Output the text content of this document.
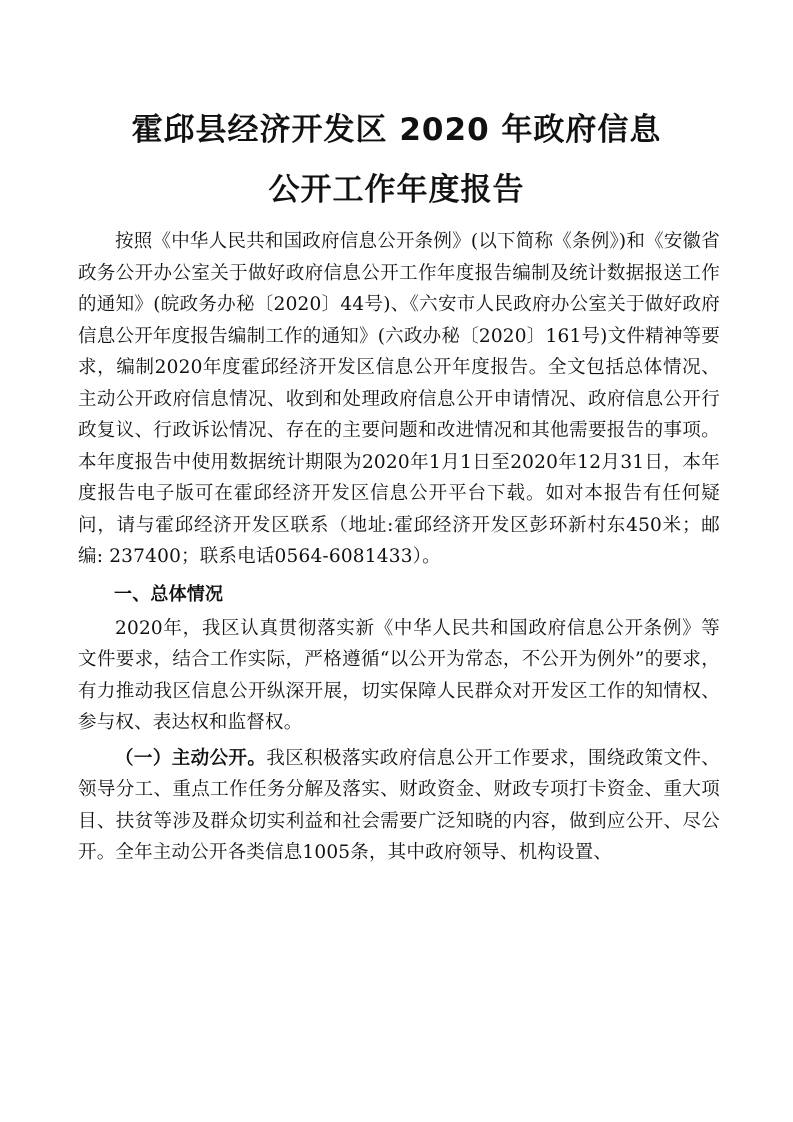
霍邱县经济开发区 2020 年政府信息
公开工作年度报告

按照《中华人民共和国政府信息公开条例》(以下简称《条例》)和《安徽省政务公开办公室关于做好政府信息公开工作年度报告编制及统计数据报送工作的通知》(皖政务办秘〔2020〕44号)、《六安市人民政府办公室关于做好政府信息公开年度报告编制工作的通知》(六政办秘〔2020〕161号)文件精神等要求，编制2020年度霍邱经济开发区信息公开年度报告。全文包括总体情况、主动公开政府信息情况、收到和处理政府信息公开申请情况、政府信息公开行政复议、行政诉讼情况、存在的主要问题和改进情况和其他需要报告的事项。本年度报告中使用数据统计期限为2020年1月1日至2020年12月31日，本年度报告电子版可在霍邱经济开发区信息公开平台下载。如对本报告有任何疑问，请与霍邱经济开发区联系（地址:霍邱经济开发区彭环新村东450米；邮编: 237400；联系电话0564-6081433）。

一、总体情况

2020年，我区认真贯彻落实新《中华人民共和国政府信息公开条例》等文件要求，结合工作实际，严格遵循“以公开为常态，不公开为例外”的要求，有力推动我区信息公开纵深开展，切实保障人民群众对开发区工作的知情权、参与权、表达权和监督权。

（一）主动公开。我区积极落实政府信息公开工作要求，围绕政策文件、领导分工、重点工作任务分解及落实、财政资金、财政专项打卡资金、重大项目、扶贫等涉及群众切实利益和社会需要广泛知晓的内容，做到应公开、尽公开。全年主动公开各类信息1005条，其中政府领导、机构设置、
